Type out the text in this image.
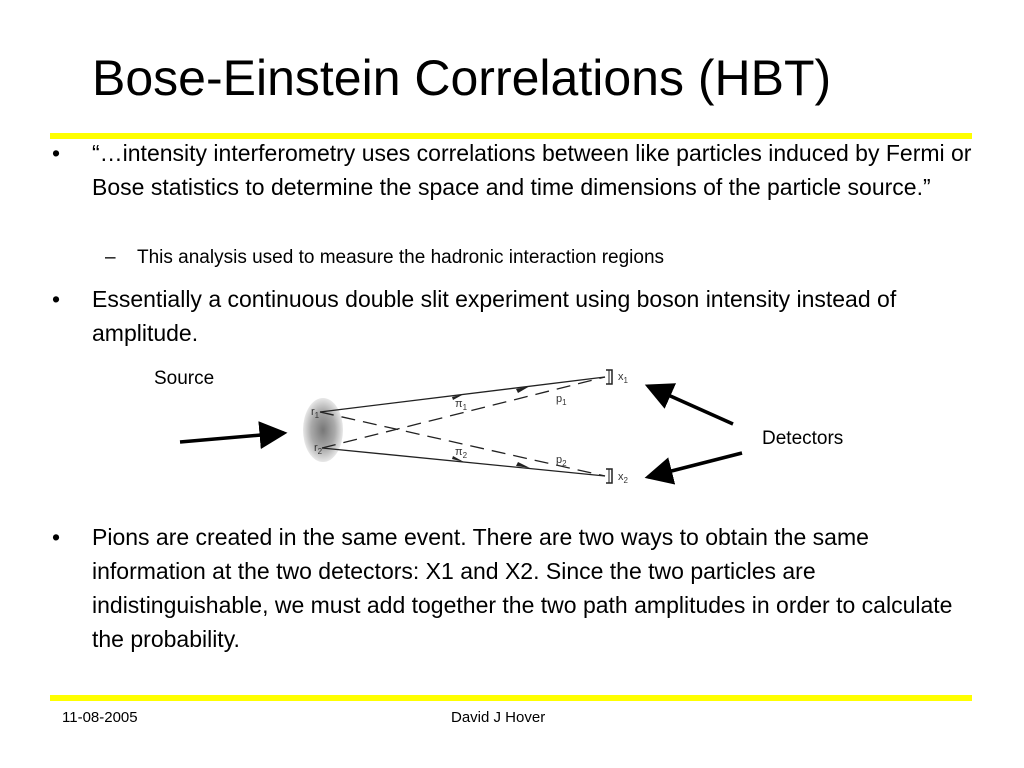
Bose-Einstein Correlations (HBT)
• “…intensity interferometry uses correlations between like particles induced by Fermi or Bose statistics to determine the space and time dimensions of the particle source.”
– This analysis used to measure the hadronic interaction regions
• Essentially a continuous double slit experiment using boson intensity instead of amplitude.
Source
Detectors
$r_1$
$r_2$
$\pi_1$
$\pi_2$
$p_1$
$p_2$
$x_1$
$x_2$
• Pions are created in the same event. There are two ways to obtain the same information at the two detectors: X1 and X2. Since the two particles are indistinguishable, we must add together the two path amplitudes in order to calculate the probability.
11-08-2005	David J Hover
